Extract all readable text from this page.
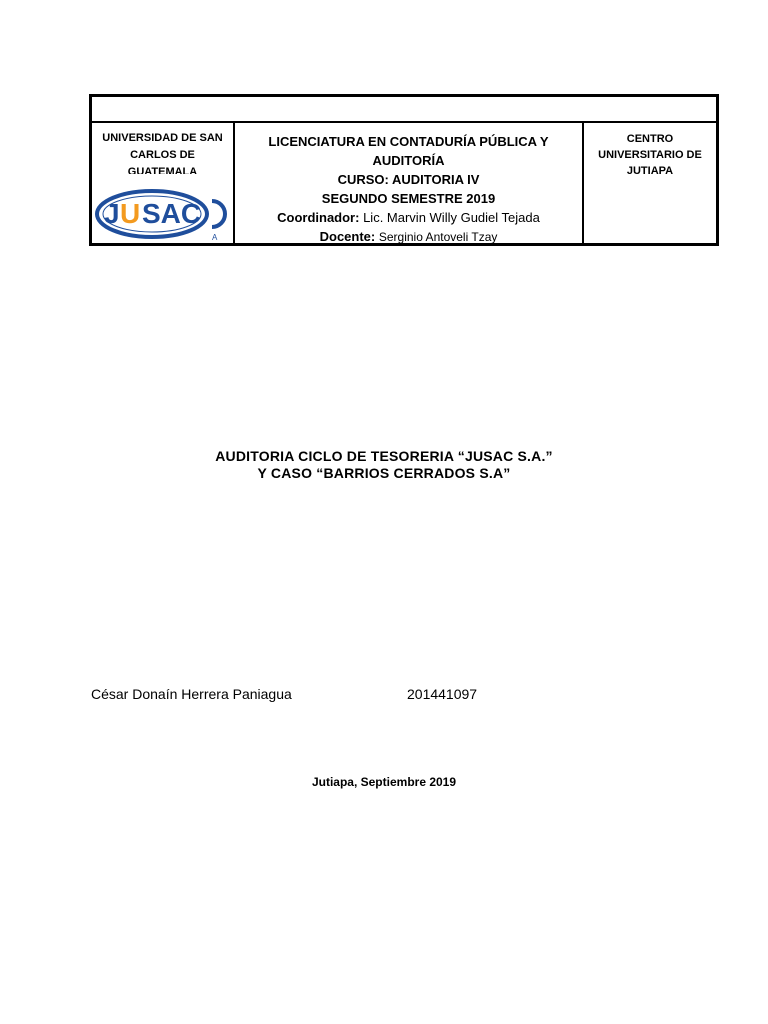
UNIVERSIDAD DE SAN CARLOS DE GUATEMALA
J U SAC
A
LICENCIATURA EN CONTADURÍA PÚBLICA Y AUDITORÍA
CURSO: AUDITORIA IV
SEGUNDO SEMESTRE 2019
Coordinador: Lic. Marvin Willy Gudiel Tejada
Docente: Serginio Antoveli Tzay
CENTRO UNIVERSITARIO DE JUTIAPA
AUDITORIA CICLO DE TESORERIA “JUSAC S.A.”
Y CASO “BARRIOS CERRADOS S.A”
César Donaín Herrera Paniagua	201441097
Jutiapa, Septiembre 2019
